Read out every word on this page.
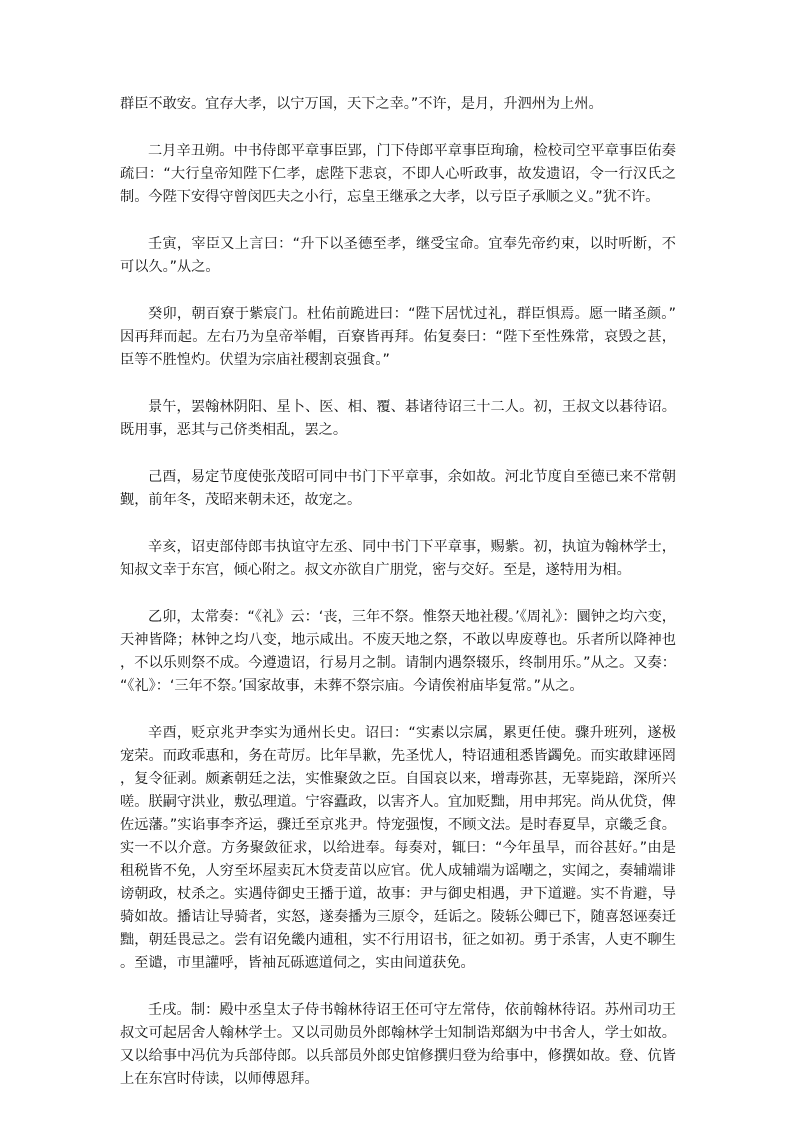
群臣不敢安。宜存大孝，以宁万国，天下之幸。”不许，是月，升泗州为上州。

二月辛丑朔。中书侍郎平章事臣郢，门下侍郎平章事臣珣瑜，检校司空平章事臣佑奏疏曰：“大行皇帝知陛下仁孝，虑陛下悲哀，不即人心听政事，故发遗诏，令一行汉氏之制。今陛下安得守曾闵匹夫之小行，忘皇王继承之大孝，以亏臣子承顺之义。”犹不许。

壬寅，宰臣又上言曰：“升下以圣德至孝，继受宝命。宜奉先帝约束，以时听断，不可以久。”从之。

癸卯，朝百寮于紫宸门。杜佑前跪进曰：“陛下居忧过礼，群臣惧焉。愿一睹圣颜。”因再拜而起。左右乃为皇帝举帽，百寮皆再拜。佑复奏曰：“陛下至性殊常，哀毁之甚，臣等不胜惶灼。伏望为宗庙社稷割哀强食。”

景午，罢翰林阴阳、星卜、医、相、覆、碁诸待诏三十二人。初，王叔文以碁待诏。既用事，恶其与己侪类相乱，罢之。

己酉，易定节度使张茂昭可同中书门下平章事，余如故。河北节度自至德已来不常朝觐，前年冬，茂昭来朝未还，故宠之。

辛亥，诏吏部侍郎韦执谊守左丞、同中书门下平章事，赐紫。初，执谊为翰林学士，知叔文幸于东宫，倾心附之。叔文亦欲自广朋党，密与交好。至是，遂特用为相。

乙卯，太常奏：“《礼》云：‘丧，三年不祭。惟祭天地社稷。’《周礼》：圜钟之均六变，天神皆降；林钟之均八变，地示咸出。不废天地之祭，不敢以卑废尊也。乐者所以降神也，不以乐则祭不成。今遵遗诏，行易月之制。请制内遇祭辍乐，终制用乐。”从之。又奏：“《礼》：‘三年不祭。’国家故事，未葬不祭宗庙。今请俟祔庙毕复常。”从之。

辛酉，贬京兆尹李实为通州长史。诏曰：“实素以宗属，累更任使。骤升班列，遂极宠荣。而政乖惠和，务在苛厉。比年旱歉，先圣忧人，特诏逋租悉皆蠲免。而实敢肆诬罔，复令征剥。颇紊朝廷之法，实惟聚敛之臣。自国哀以来，增毒弥甚，无辜毙踣，深所兴嗟。朕嗣守洪业，敷弘理道。宁容蠹政，以害齐人。宜加贬黜，用申邦宪。尚从优贷，俾佐远藩。”实谄事李齐运，骤迁至京兆尹。恃宠强愎，不顾文法。是时春夏旱，京畿乏食。实一不以介意。方务聚敛征求，以给进奉。每奏对，辄曰：“今年虽旱，而谷甚好。”由是租税皆不免，人穷至坏屋卖瓦木贷麦苗以应官。优人成辅端为谣嘲之，实闻之，奏辅端诽谤朝政，杖杀之。实遇侍御史王播于道，故事：尹与御史相遇，尹下道避。实不肯避，导骑如故。播诘让导骑者，实怒，遂奏播为三原令，廷诟之。陵轹公卿已下，随喜怒诬奏迁黜，朝廷畏忌之。尝有诏免畿内逋租，实不行用诏书，征之如初。勇于杀害，人吏不聊生。至谴，市里讙呼，皆袖瓦砾遮道伺之，实由间道获免。

壬戌。制：殿中丞皇太子侍书翰林待诏王伾可守左常侍，依前翰林待诏。苏州司功王叔文可起居舍人翰林学士。又以司勋员外郎翰林学士知制诰郑絪为中书舍人，学士如故。又以给事中冯伉为兵部侍郎。以兵部员外郎史馆修撰归登为给事中，修撰如故。登、伉皆上在东宫时侍读，以师傅恩拜。
